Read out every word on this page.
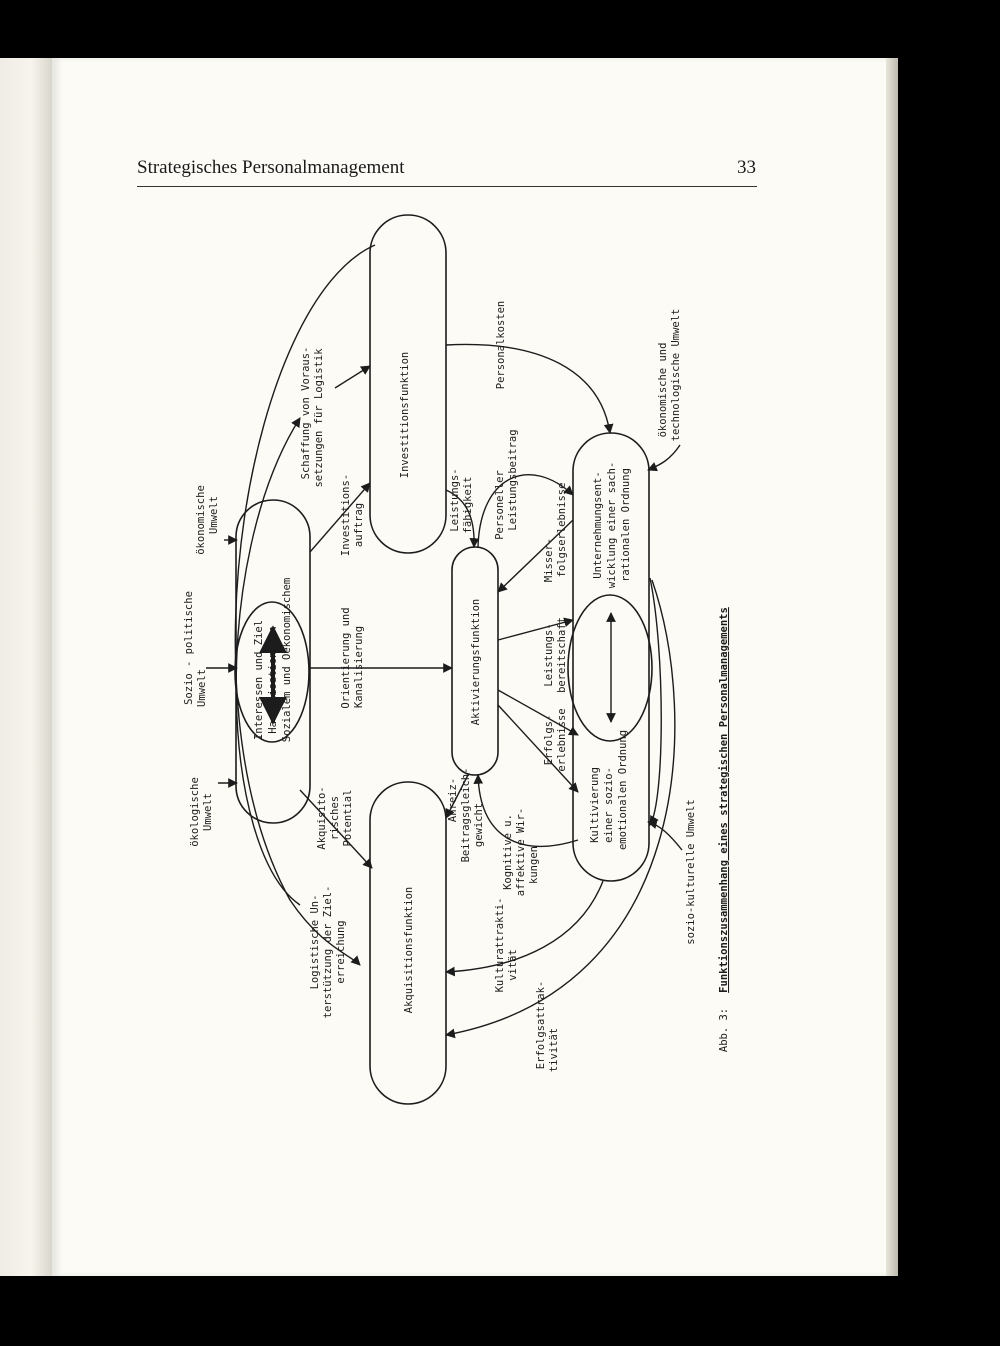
Strategisches Personalmanagement	33
Investitionsfunktion
Aktivierungsfunktion
Akquisitionsfunktion
Interessen und Ziel Harmonisation von Sozialem und Oekonomischem
Unternehmungsent- wicklung einer sach- rationalen Ordnung
Kultivierung einer sozio- emotionalen Ordnung
ökologische Umwelt
Sozio - politische Umwelt
ökonomische Umwelt
ökonomische und technologische Umwelt
sozio-kulturelle Umwelt
Schaffung von Voraus- setzungen für Logistik
Personalkosten
Investitions- auftrag
Orientierung und Kanalisierung
Akquisito- risches Potential
Logistische Un- terstützung der Ziel- erreichung
Leistungs- fähigkeit Personeller Leistungsbeitrag
Misser- folgserlebnisse
Leistungs- bereitschaft
Erfolgs- erlebnisse
Anreiz- Beitragsgleich- gewicht Kognitive u. affektive Wir- kungen
Kulturattrakti- vität
Erfolgsattrak- tivität	Abb. 3:
Funktionszusammenhang eines strategischen Personalmanagements
